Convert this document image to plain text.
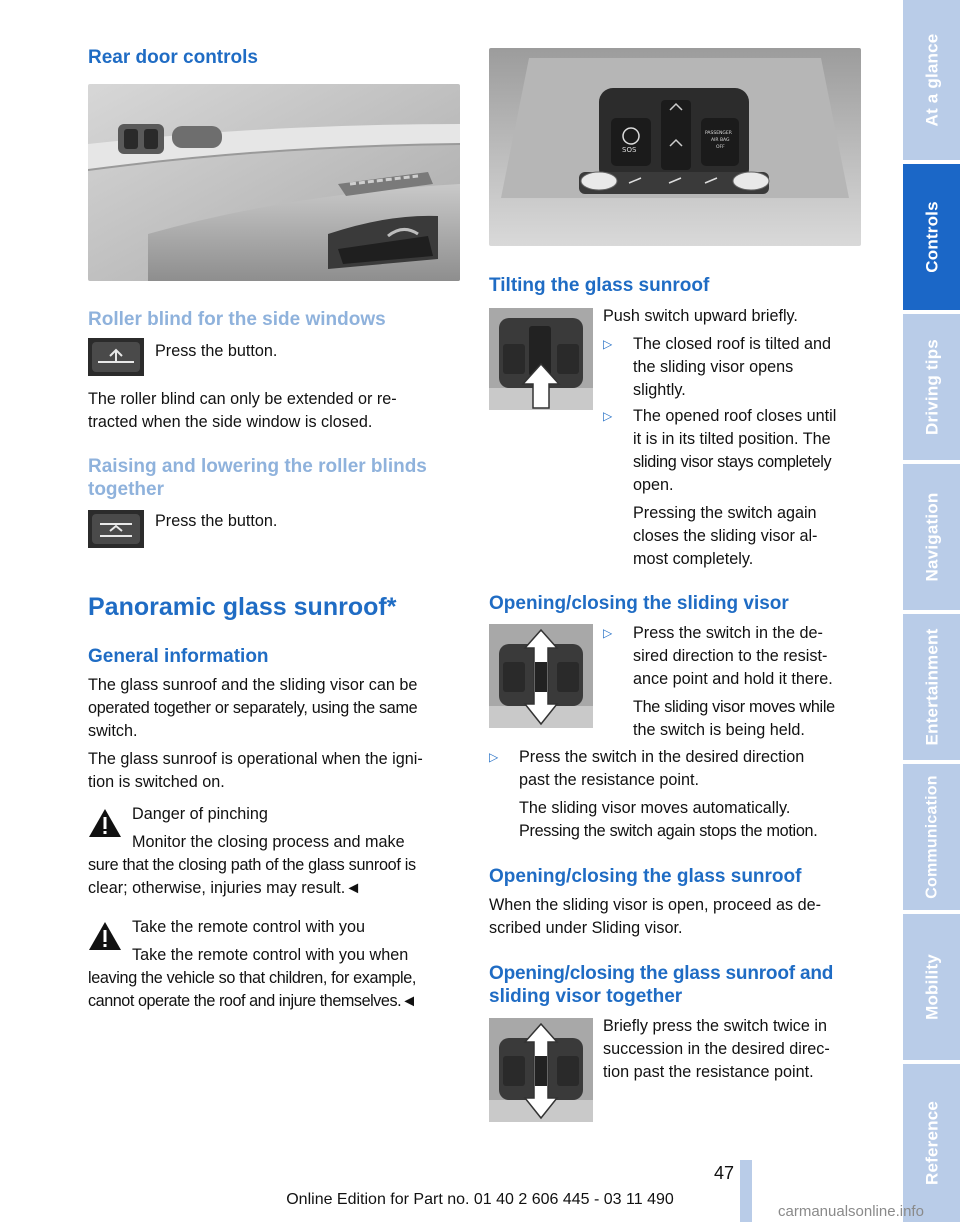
Rear door controls
Roller blind for the side windows
Press the button.

The roller blind can only be extended or re-

tracted when the side window is closed.

Raising and lowering the roller blinds
together
Press the button.
Panoramic glass sunroof*
General information

The glass sunroof and the sliding visor can be

operated together or separately, using the same

switch.

The glass sunroof is operational when the igni-

tion is switched on.

Danger of pinching

Monitor the closing process and make

sure that the closing path of the glass sunroof is

clear; otherwise, injuries may result.◄

Take the remote control with you

Take the remote control with you when

leaving the vehicle so that children, for example,

cannot operate the roof and injure themselves.◄

SOS
PASSENGER
AIR BAG
OFF
Tilting the glass sunroof

Push switch upward briefly.

▷ The closed roof is tilted and

the sliding visor opens

slightly.

▷ The opened roof closes until

it is in its tilted position. The

sliding visor stays completely

open.

Pressing the switch again

closes the sliding visor al-

most completely.

Opening/closing the sliding visor
▷ Press the switch in the de-

sired direction to the resist-

ance point and hold it there.

The sliding visor moves while

the switch is being held.

▷ Press the switch in the desired direction

past the resistance point.

The sliding visor moves automatically.

Pressing the switch again stops the motion.

Opening/closing the glass sunroof

When the sliding visor is open, proceed as de-

scribed under Sliding visor.

Opening/closing the glass sunroof and
sliding visor together

Briefly press the switch twice in

succession in the desired direc-

tion past the resistance point.

At a glance
Controls
Driving tips
Navigation
Entertainment
Communication
Mobility
Reference
47
Online Edition for Part no. 01 40 2 606 445 - 03 11 490
carmanualsonline.info
